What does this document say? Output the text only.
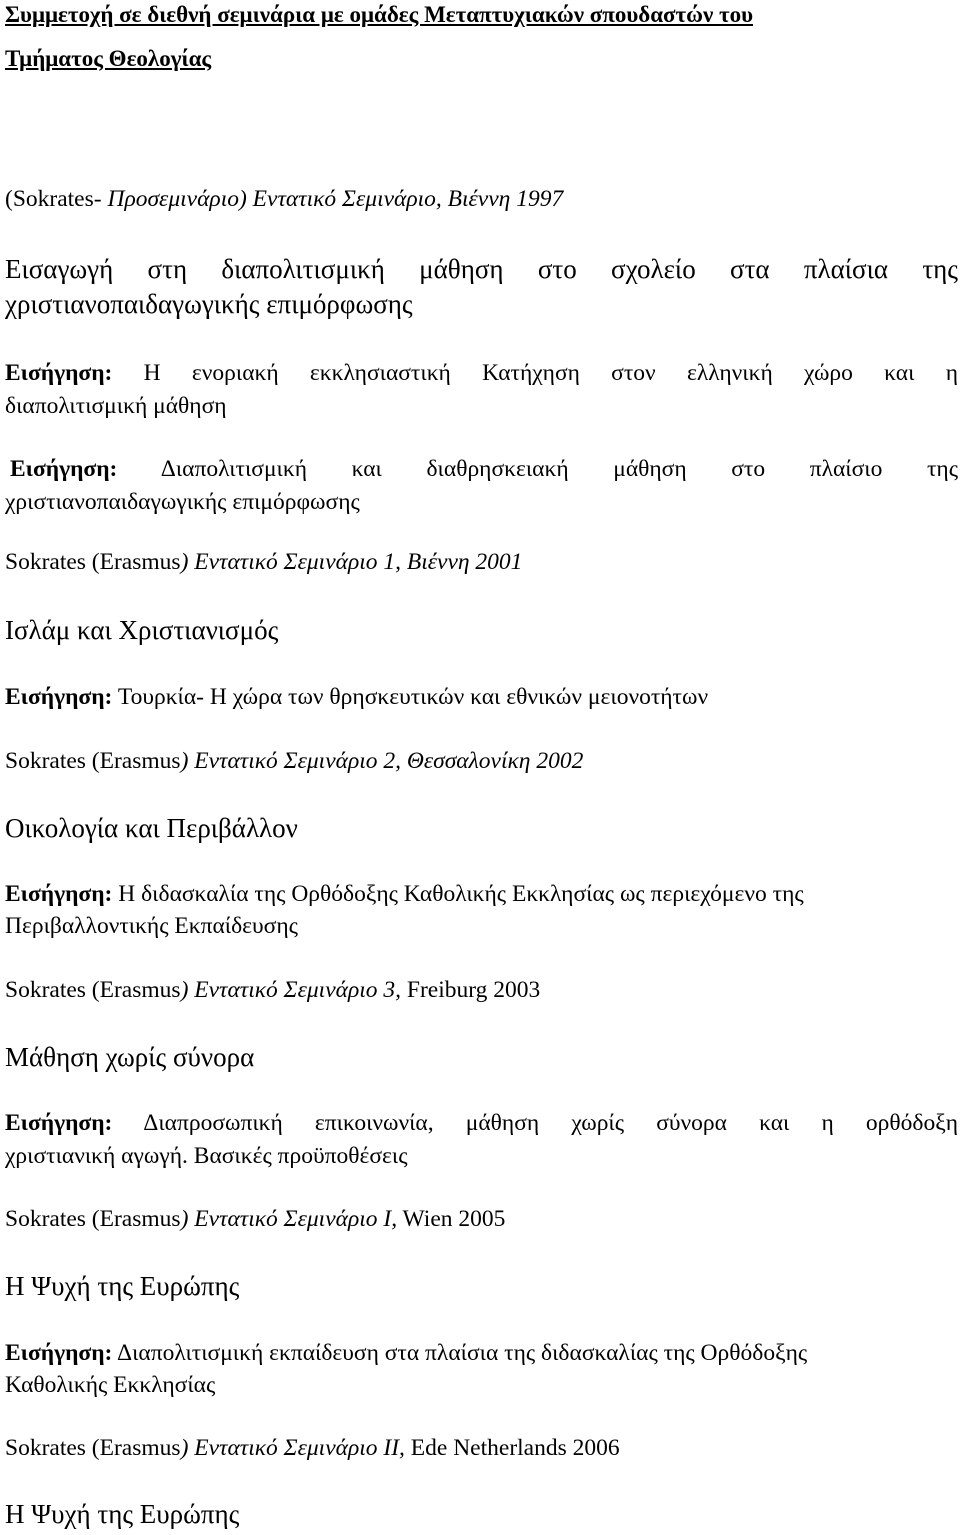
Συμμετοχή σε διεθνή σεμινάρια με ομάδες Μεταπτυχιακών σπουδαστών του
Τμήματος Θεολογίας
(Sokrates- Προσεμινάριο) Εντατικό Σεμινάριο, Βιέννη 1997
Εισαγωγή στη διαπολιτισμική μάθηση στο σχολείο στα πλαίσια της
χριστιανοπαιδαγωγικής επιμόρφωσης
Εισήγηση: Η ενοριακή εκκλησιαστική Κατήχηση στον ελληνική χώρο και η
διαπολιτισμική μάθηση
Εισήγηση: Διαπολιτισμική και διαθρησκειακή μάθηση στο πλαίσιο της
χριστιανοπαιδαγωγικής επιμόρφωσης
Sokrates (Erasmus) Εντατικό Σεμινάριο 1, Βιέννη 2001
Ισλάμ και Χριστιανισμός
Εισήγηση: Τουρκία- Η χώρα των θρησκευτικών και εθνικών μειονοτήτων
Sokrates (Erasmus) Εντατικό Σεμινάριο 2, Θεσσαλονίκη 2002
Οικολογία και Περιβάλλον
Εισήγηση: Η διδασκαλία της Ορθόδοξης Καθολικής Εκκλησίας ως περιεχόμενο της
Περιβαλλοντικής Εκπαίδευσης
Sokrates (Erasmus) Εντατικό Σεμινάριο 3, Freiburg 2003
Μάθηση χωρίς σύνορα
Εισήγηση: Διαπροσωπική επικοινωνία, μάθηση χωρίς σύνορα και η ορθόδοξη
χριστιανική αγωγή. Βασικές προϋποθέσεις
Sokrates (Erasmus) Εντατικό Σεμινάριο I, Wien 2005
Η Ψυχή της Ευρώπης
Εισήγηση: Διαπολιτισμική εκπαίδευση στα πλαίσια της διδασκαλίας της Ορθόδοξης
Καθολικής Εκκλησίας
Sokrates (Erasmus) Εντατικό Σεμινάριο II, Ede Netherlands 2006
Η Ψυχή της Ευρώπης
